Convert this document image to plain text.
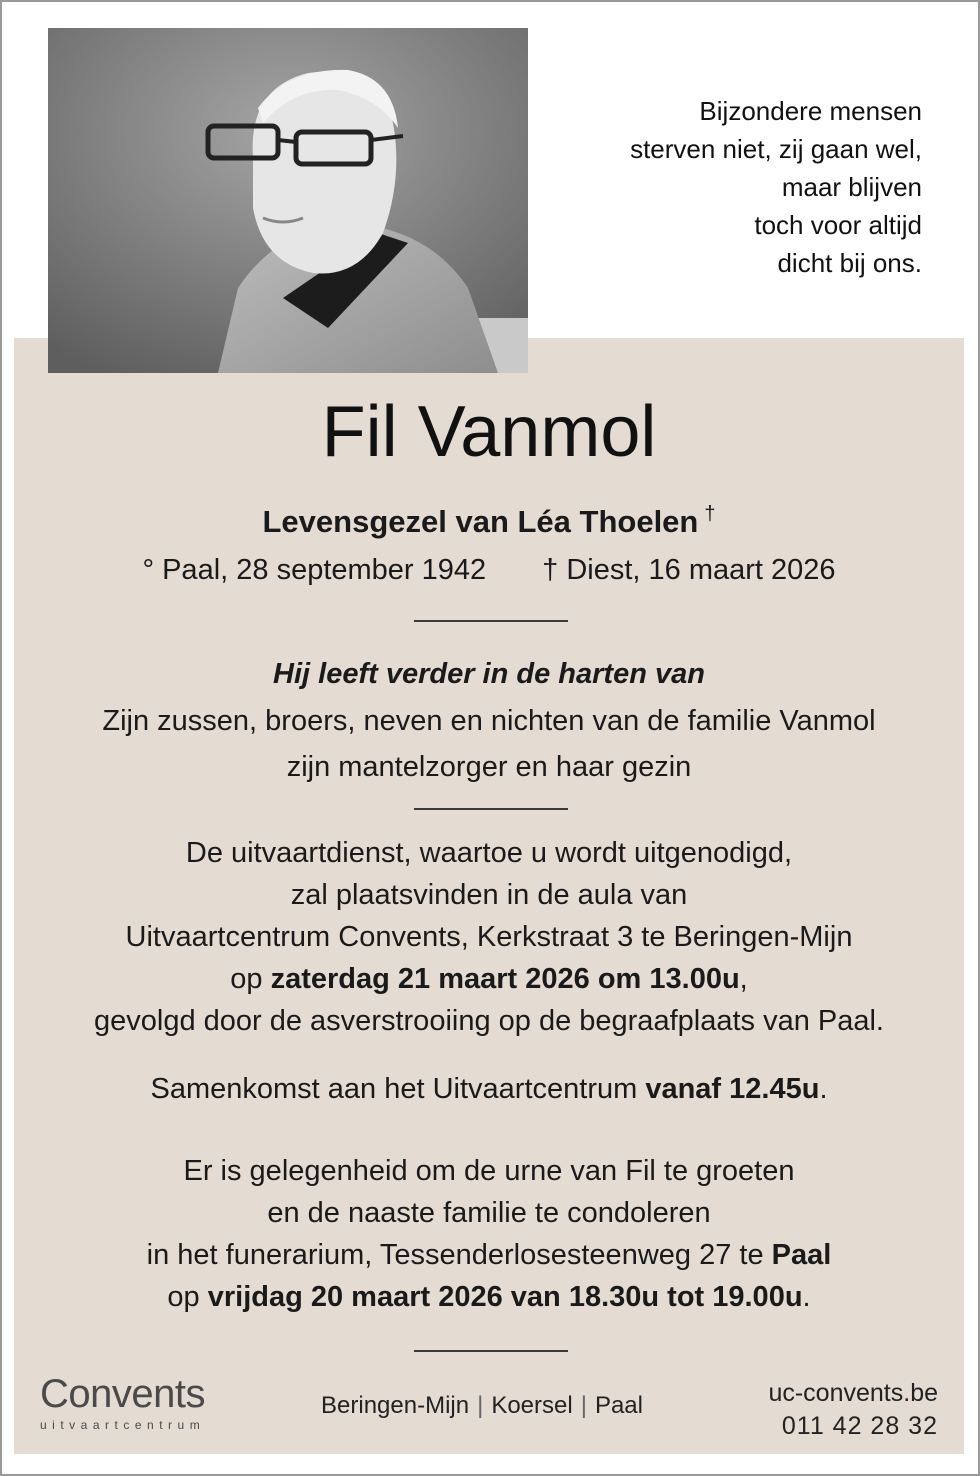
Bijzondere mensen
sterven niet, zij gaan wel,
maar blijven
toch voor altijd
dicht bij ons.
Fil Vanmol
Levensgezel van Léa Thoelen †
° Paal, 28 september 1942 † Diest, 16 maart 2026
Hij leeft verder in de harten van
Zijn zussen, broers, neven en nichten van de familie Vanmol
zijn mantelzorger en haar gezin
De uitvaartdienst, waartoe u wordt uitgenodigd,
zal plaatsvinden in de aula van
Uitvaartcentrum Convents, Kerkstraat 3 te Beringen-Mijn
op zaterdag 21 maart 2026 om 13.00u,
gevolgd door de asverstrooiing op de begraafplaats van Paal.
Samenkomst aan het Uitvaartcentrum vanaf 12.45u.
Er is gelegenheid om de urne van Fil te groeten
en de naaste familie te condoleren
in het funerarium, Tessenderlosesteenweg 27 te Paal
op vrijdag 20 maart 2026 van 18.30u tot 19.00u.
Convents
uitvaartcentrum
Beringen-Mijn | Koersel | Paal	uc-convents.be
011 42 28 32
